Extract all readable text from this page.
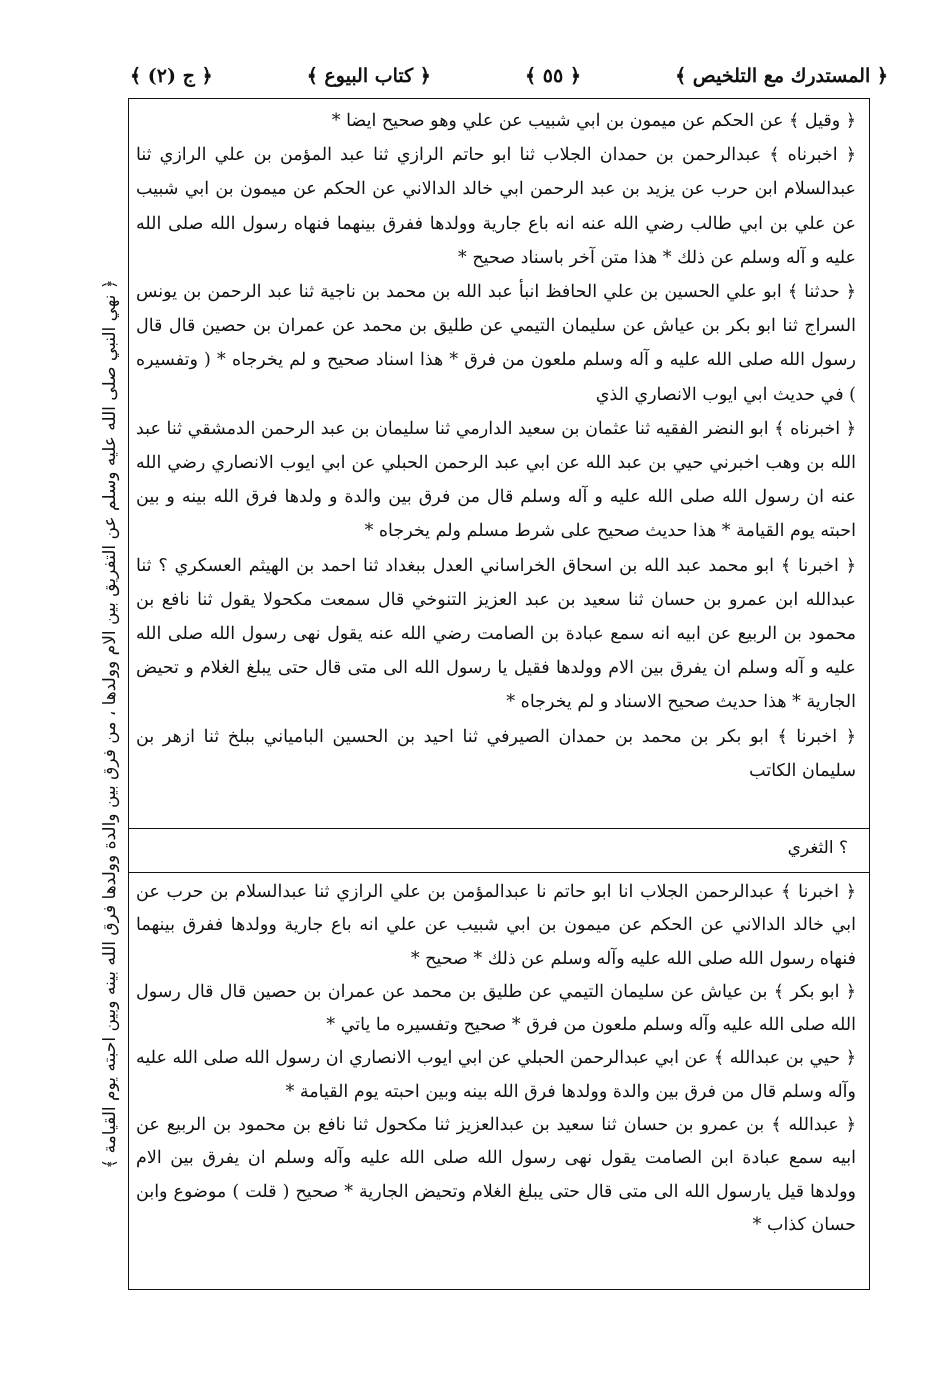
﴿ المستدرك مع التلخيص ﴾
﴿ ٥٥ ﴾
﴿ كتاب البيوع ﴾
﴿ ج (٢) ﴾
﴿ نهي النبي صلى الله عليه وسلم عن التفريق بين الام وولدها ، من فرق بين والدة وولدها فرق الله بينه وبين احبته يوم القيامة ﴾

﴿ وقيل ﴾ عن الحكم عن ميمون بن ابي شبيب عن علي وهو صحيح ايضا *

﴿ اخبرناه ﴾ عبدالرحمن بن حمدان الجلاب ثنا ابو حاتم الرازي ثنا عبد المؤمن بن علي الرازي ثنا عبدالسلام ابن حرب عن يزيد بن عبد الرحمن ابي خالد الدالاني عن الحكم عن ميمون بن ابي شبيب عن علي بن ابي طالب رضي الله عنه انه باع جارية وولدها ففرق بينهما فنهاه رسول الله صلى الله عليه و آله وسلم عن ذلك * هذا متن آخر باسناد صحيح *

﴿ حدثنا ﴾ ابو علي الحسين بن علي الحافظ انبأ عبد الله بن محمد بن ناجية ثنا عبد الرحمن بن يونس السراج ثنا ابو بكر بن عياش عن سليمان التيمي عن طليق بن محمد عن عمران بن حصين قال قال رسول الله صلى الله عليه و آله وسلم ملعون من فرق * هذا اسناد صحيح و لم يخرجاه * ( وتفسيره ) في حديث ابي ايوب الانصاري الذي

﴿ اخبرناه ﴾ ابو النضر الفقيه ثنا عثمان بن سعيد الدارمي ثنا سليمان بن عبد الرحمن الدمشقي ثنا عبد الله بن وهب اخبرني حيي بن عبد الله عن ابي عبد الرحمن الحبلي عن ابي ايوب الانصاري رضي الله عنه ان رسول الله صلى الله عليه و آله وسلم قال من فرق بين والدة و ولدها فرق الله بينه و بين احبته يوم القيامة * هذا حديث صحيح على شرط مسلم ولم يخرجاه *

﴿ اخبرنا ﴾ ابو محمد عبد الله بن اسحاق الخراساني العدل ببغداد ثنا احمد بن الهيثم العسكري ؟ ثنا عبدالله ابن عمرو بن حسان ثنا سعيد بن عبد العزيز التنوخي قال سمعت مكحولا يقول ثنا نافع بن محمود بن الربيع عن ابيه انه سمع عبادة بن الصامت رضي الله عنه يقول نهى رسول الله صلى الله عليه و آله وسلم ان يفرق بين الام وولدها فقيل يا رسول الله الى متى قال حتى يبلغ الغلام و تحيض الجارية * هذا حديث صحيح الاسناد و لم يخرجاه *

﴿ اخبرنا ﴾ ابو بكر بن محمد بن حمدان الصيرفي ثنا احيد بن الحسين البامياني ببلخ ثنا ازهر بن سليمان الكاتب

؟ الثغري

﴿ اخبرنا ﴾ عبدالرحمن الجلاب انا ابو حاتم نا عبدالمؤمن بن علي الرازي ثنا عبدالسلام بن حرب عن ابي خالد الدالاني عن الحكم عن ميمون بن ابي شبيب عن علي انه باع جارية وولدها ففرق بينهما فنهاه رسول الله صلى الله عليه وآله وسلم عن ذلك * صحيح *

﴿ ابو بكر ﴾ بن عياش عن سليمان التيمي عن طليق بن محمد عن عمران بن حصين قال قال رسول الله صلى الله عليه وآله وسلم ملعون من فرق * صحيح وتفسيره ما ياتي *

﴿ حيي بن عبدالله ﴾ عن ابي عبدالرحمن الحبلي عن ابي ايوب الانصاري ان رسول الله صلى الله عليه وآله وسلم قال من فرق بين والدة وولدها فرق الله بينه وبين احبته يوم القيامة *

﴿ عبدالله ﴾ بن عمرو بن حسان ثنا سعيد بن عبدالعزيز ثنا مكحول ثنا نافع بن محمود بن الربيع عن ابيه سمع عبادة ابن الصامت يقول نهى رسول الله صلى الله عليه وآله وسلم ان يفرق بين الام وولدها قيل يارسول الله الى متى قال حتى يبلغ الغلام وتحيض الجارية * صحيح ( قلت ) موضوع وابن حسان كذاب *
